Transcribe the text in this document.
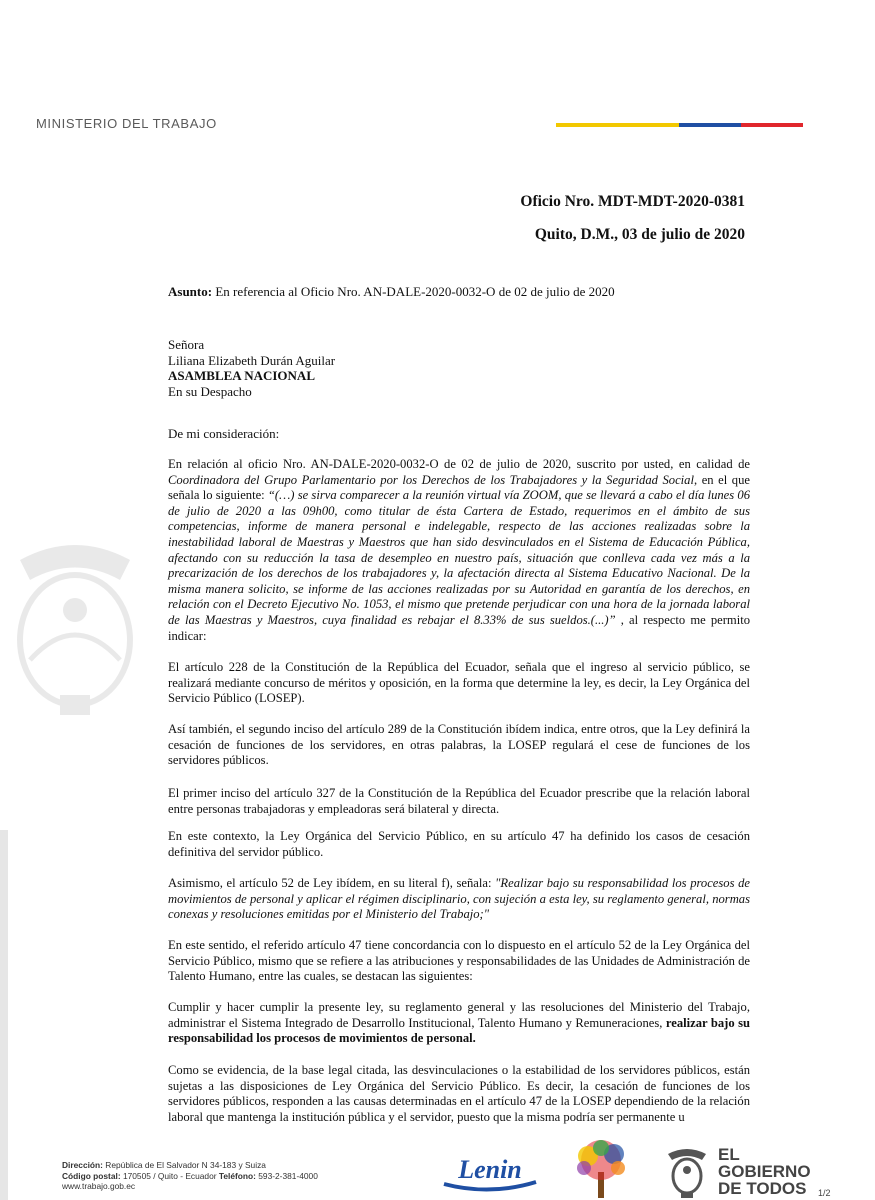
MINISTERIO DEL TRABAJO
Oficio Nro. MDT-MDT-2020-0381
Quito, D.M., 03 de julio de 2020
Asunto: En referencia al Oficio Nro. AN-DALE-2020-0032-O de 02 de julio de 2020
Señora
Liliana Elizabeth Durán Aguilar
ASAMBLEA NACIONAL
En su Despacho
De mi consideración:

En relación al oficio Nro. AN-DALE-2020-0032-O de 02 de julio de 2020, suscrito por usted, en calidad de Coordinadora del Grupo Parlamentario por los Derechos de los Trabajadores y la Seguridad Social, en el que señala lo siguiente: “(…) se sirva comparecer a la reunión virtual vía ZOOM, que se llevará a cabo el día lunes 06 de julio de 2020 a las 09h00, como titular de ésta Cartera de Estado, requerimos en el ámbito de sus competencias, informe de manera personal e indelegable, respecto de las acciones realizadas sobre la inestabilidad laboral de Maestras y Maestros que han sido desvinculados en el Sistema de Educación Pública, afectando con su reducción la tasa de desempleo en nuestro país, situación que conlleva cada vez más a la precarización de los derechos de los trabajadores y, la afectación directa al Sistema Educativo Nacional. De la misma manera solicito, se informe de las acciones realizadas por su Autoridad en garantía de los derechos, en relación con el Decreto Ejecutivo No. 1053, el mismo que pretende perjudicar con una hora de la jornada laboral de las Maestras y Maestros, cuya finalidad es rebajar el 8.33% de sus sueldos.(...)” , al respecto me permito indicar:

El artículo 228 de la Constitución de la República del Ecuador, señala que el ingreso al servicio público, se realizará mediante concurso de méritos y oposición, en la forma que determine la ley, es decir, la Ley Orgánica del Servicio Público (LOSEP).

Así también, el segundo inciso del artículo 289 de la Constitución ibídem indica, entre otros, que la Ley definirá la cesación de funciones de los servidores, en otras palabras, la LOSEP regulará el cese de funciones de los servidores públicos.

El primer inciso del artículo 327 de la Constitución de la República del Ecuador prescribe que la relación laboral entre personas trabajadoras y empleadoras será bilateral y directa.

En este contexto, la Ley Orgánica del Servicio Público, en su artículo 47 ha definido los casos de cesación definitiva del servidor público.

Asimismo, el artículo 52 de Ley ibídem, en su literal f), señala: "Realizar bajo su responsabilidad los procesos de movimientos de personal y aplicar el régimen disciplinario, con sujeción a esta ley, su reglamento general, normas conexas y resoluciones emitidas por el Ministerio del Trabajo;"

En este sentido, el referido artículo 47 tiene concordancia con lo dispuesto en el artículo 52 de la Ley Orgánica del Servicio Público, mismo que se refiere a las atribuciones y responsabilidades de las Unidades de Administración de Talento Humano, entre las cuales, se destacan las siguientes:

Cumplir y hacer cumplir la presente ley, su reglamento general y las resoluciones del Ministerio del Trabajo, administrar el Sistema Integrado de Desarrollo Institucional, Talento Humano y Remuneraciones, realizar bajo su responsabilidad los procesos de movimientos de personal.

Como se evidencia, de la base legal citada, las desvinculaciones o la estabilidad de los servidores públicos, están sujetas a las disposiciones de Ley Orgánica del Servicio Público. Es decir, la cesación de funciones de los servidores públicos, responden a las causas determinadas en el artículo 47 de la LOSEP dependiendo de la relación laboral que mantenga la institución pública y el servidor, puesto que la misma podría ser permanente u

Dirección: República de El Salvador N 34-183 y Suiza
Código postal: 170505 / Quito - Ecuador Teléfono: 593-2-381-4000
www.trabajo.gob.ec
Lenin
EL
GOBIERNO
DE TODOS	1/2
